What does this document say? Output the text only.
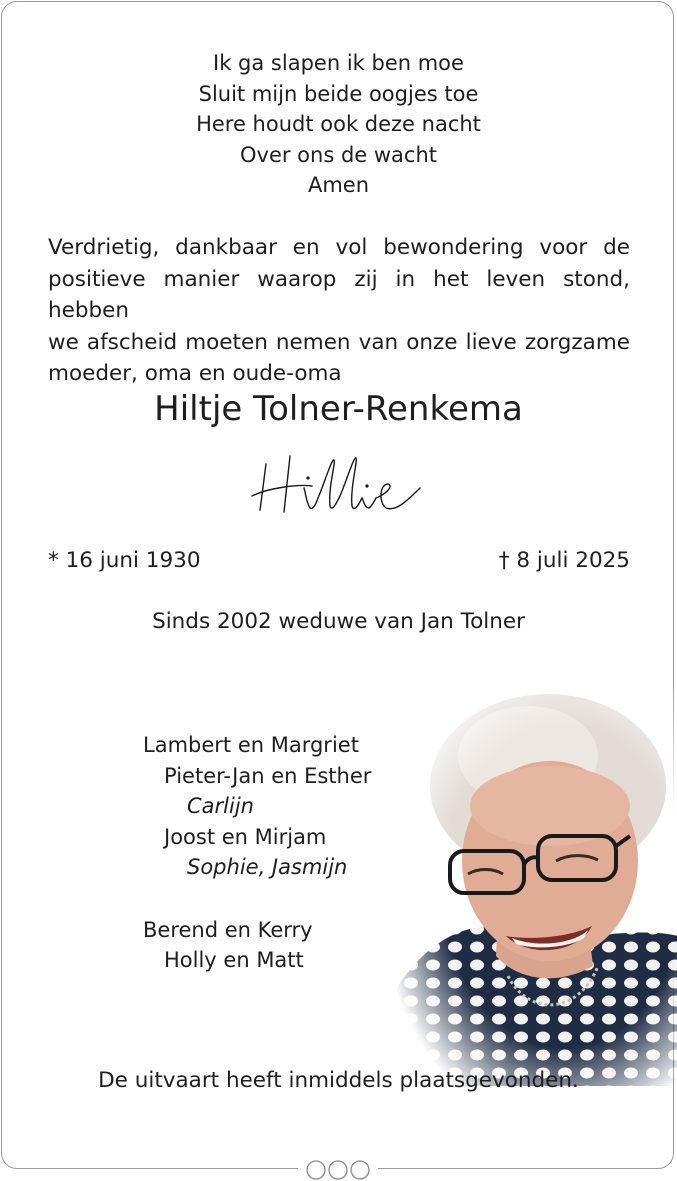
Ik ga slapen ik ben moe
Sluit mijn beide oogjes toe
Here houdt ook deze nacht
Over ons de wacht
Amen
Verdrietig, dankbaar en vol bewondering voor de
positieve manier waarop zij in het leven stond, hebben
we afscheid moeten nemen van onze lieve zorgzame
moeder, oma en oude-oma
Hiltje Tolner-Renkema
* 16 juni 1930	† 8 juli 2025
Sinds 2002 weduwe van Jan Tolner
Lambert en Margriet
Pieter-Jan en Esther
Carlijn
Joost en Mirjam
Sophie, Jasmijn
Berend en Kerry
Holly en Matt
De uitvaart heeft inmiddels plaatsgevonden.
